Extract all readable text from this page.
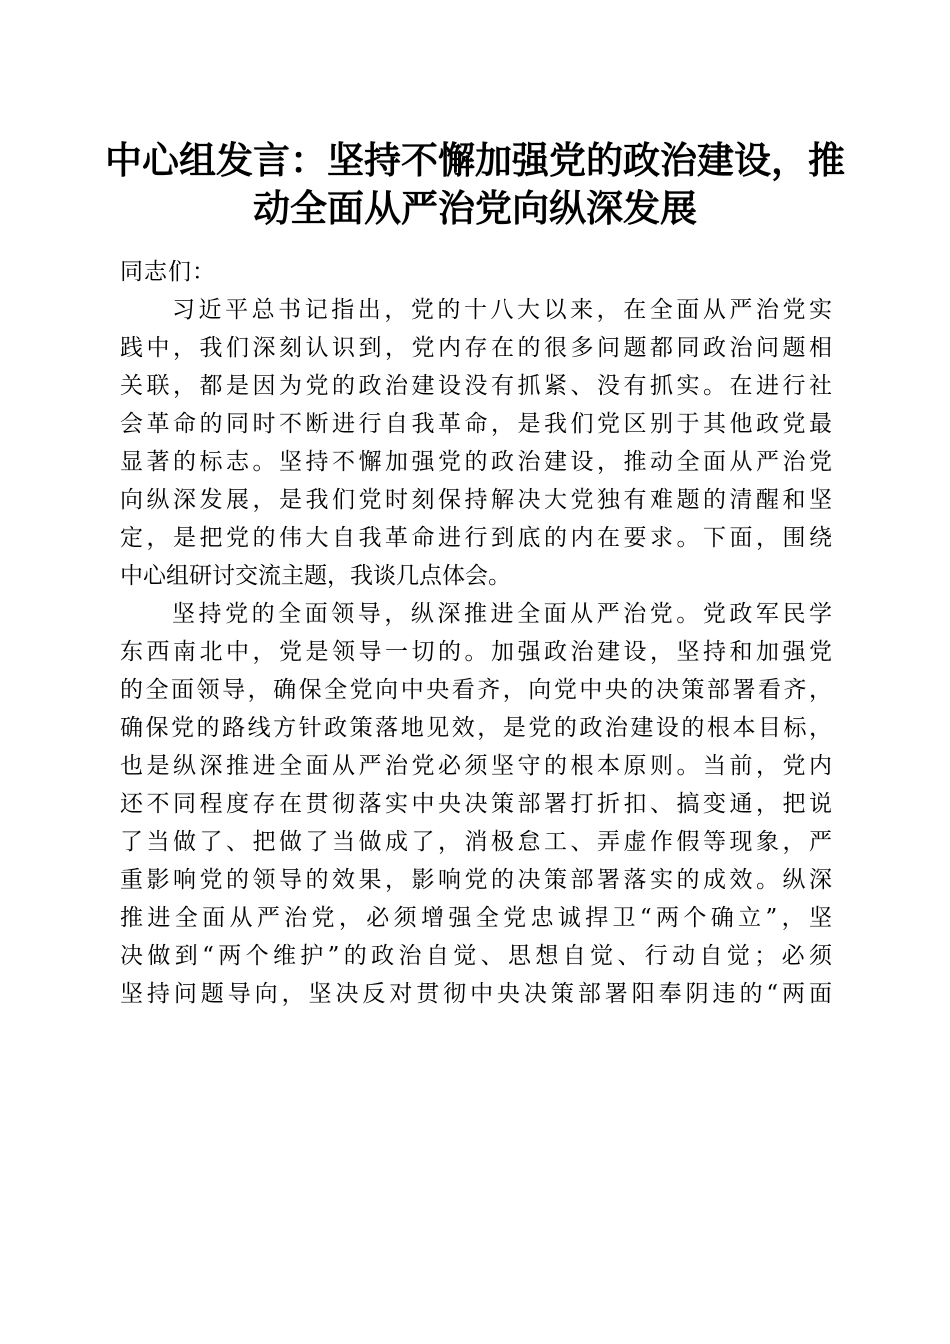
中心组发言：坚持不懈加强党的政治建设，推
动全面从严治党向纵深发展
同志们：
习近平总书记指出，党的十八大以来，在全面从严治党实
践中，我们深刻认识到，党内存在的很多问题都同政治问题相
关联，都是因为党的政治建设没有抓紧、没有抓实。在进行社
会革命的同时不断进行自我革命，是我们党区别于其他政党最
显著的标志。坚持不懈加强党的政治建设，推动全面从严治党
向纵深发展，是我们党时刻保持解决大党独有难题的清醒和坚
定，是把党的伟大自我革命进行到底的内在要求。下面，围绕
中心组研讨交流主题，我谈几点体会。
坚持党的全面领导，纵深推进全面从严治党。党政军民学
东西南北中，党是领导一切的。加强政治建设，坚持和加强党
的全面领导，确保全党向中央看齐，向党中央的决策部署看齐，
确保党的路线方针政策落地见效，是党的政治建设的根本目标，
也是纵深推进全面从严治党必须坚守的根本原则。当前，党内
还不同程度存在贯彻落实中央决策部署打折扣、搞变通，把说
了当做了、把做了当做成了，消极怠工、弄虚作假等现象，严
重影响党的领导的效果，影响党的决策部署落实的成效。纵深
推进全面从严治党，必须增强全党忠诚捍卫“两个确立”，坚
决做到“两个维护”的政治自觉、思想自觉、行动自觉；必须
坚持问题导向，坚决反对贯彻中央决策部署阳奉阴违的“两面
